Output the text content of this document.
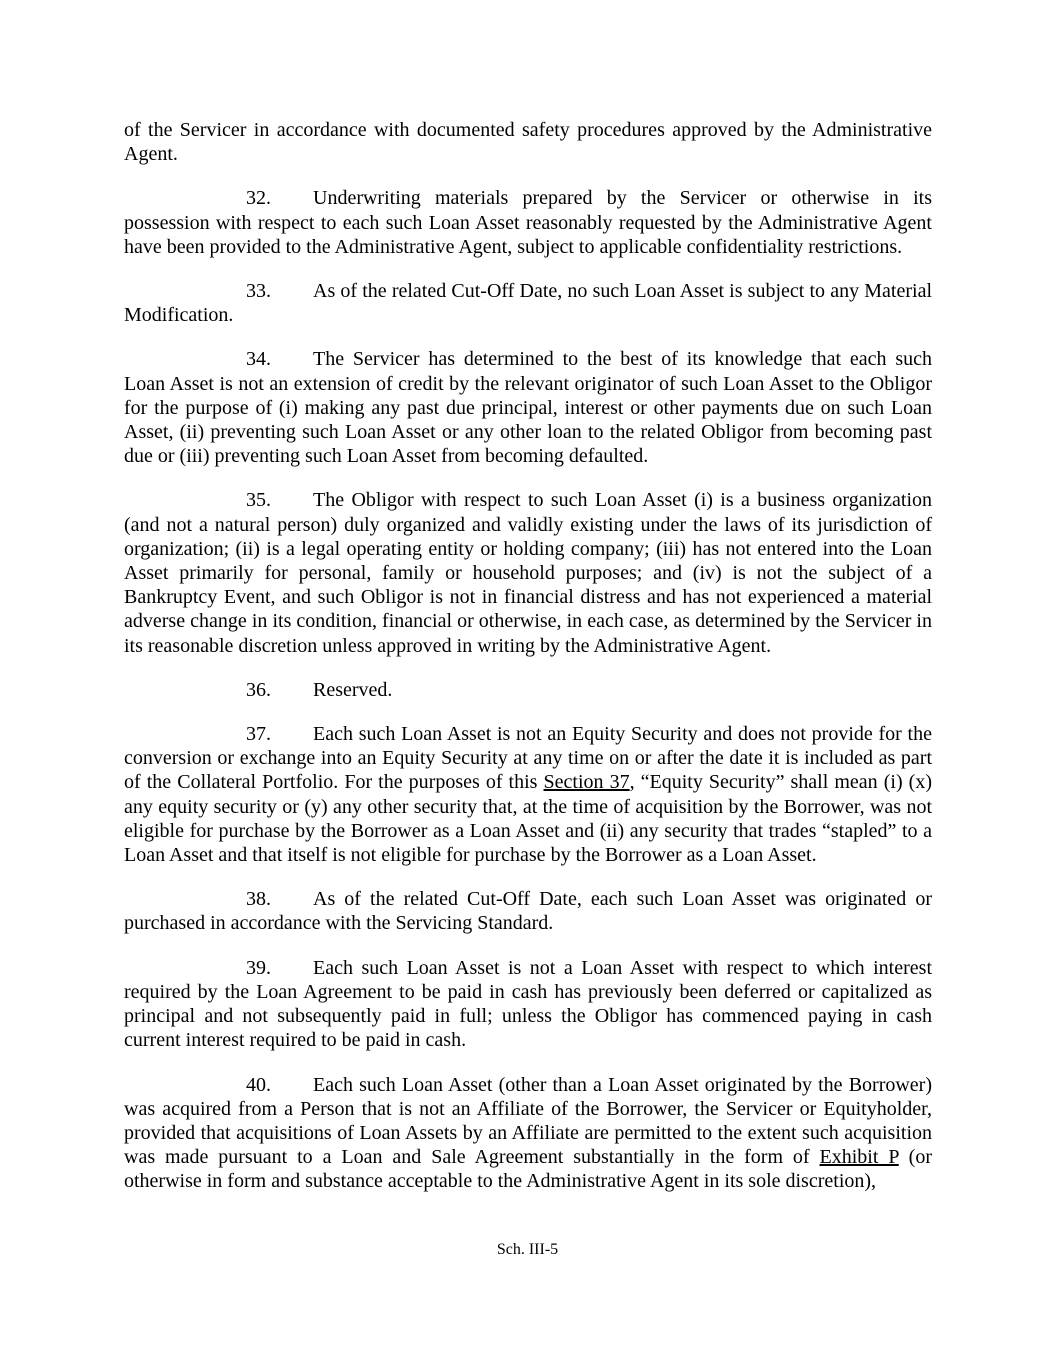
of the Servicer in accordance with documented safety procedures approved by the Administrative Agent.

32. Underwriting materials prepared by the Servicer or otherwise in its possession with respect to each such Loan Asset reasonably requested by the Administrative Agent have been provided to the Administrative Agent, subject to applicable confidentiality restrictions.

33. As of the related Cut-Off Date, no such Loan Asset is subject to any Material Modification.

34. The Servicer has determined to the best of its knowledge that each such Loan Asset is not an extension of credit by the relevant originator of such Loan Asset to the Obligor for the purpose of (i) making any past due principal, interest or other payments due on such Loan Asset, (ii) preventing such Loan Asset or any other loan to the related Obligor from becoming past due or (iii) preventing such Loan Asset from becoming defaulted.

35. The Obligor with respect to such Loan Asset (i) is a business organization (and not a natural person) duly organized and validly existing under the laws of its jurisdiction of organization; (ii) is a legal operating entity or holding company; (iii) has not entered into the Loan Asset primarily for personal, family or household purposes; and (iv) is not the subject of a Bankruptcy Event, and such Obligor is not in financial distress and has not experienced a material adverse change in its condition, financial or otherwise, in each case, as determined by the Servicer in its reasonable discretion unless approved in writing by the Administrative Agent.

36. Reserved.

37. Each such Loan Asset is not an Equity Security and does not provide for the conversion or exchange into an Equity Security at any time on or after the date it is included as part of the Collateral Portfolio. For the purposes of this Section 37, “Equity Security” shall mean (i) (x) any equity security or (y) any other security that, at the time of acquisition by the Borrower, was not eligible for purchase by the Borrower as a Loan Asset and (ii) any security that trades “stapled” to a Loan Asset and that itself is not eligible for purchase by the Borrower as a Loan Asset.

38. As of the related Cut-Off Date, each such Loan Asset was originated or purchased in accordance with the Servicing Standard.

39. Each such Loan Asset is not a Loan Asset with respect to which interest required by the Loan Agreement to be paid in cash has previously been deferred or capitalized as principal and not subsequently paid in full; unless the Obligor has commenced paying in cash current interest required to be paid in cash.

40. Each such Loan Asset (other than a Loan Asset originated by the Borrower) was acquired from a Person that is not an Affiliate of the Borrower, the Servicer or Equityholder, provided that acquisitions of Loan Assets by an Affiliate are permitted to the extent such acquisition was made pursuant to a Loan and Sale Agreement substantially in the form of Exhibit P (or otherwise in form and substance acceptable to the Administrative Agent in its sole discretion),

Sch. III-5
